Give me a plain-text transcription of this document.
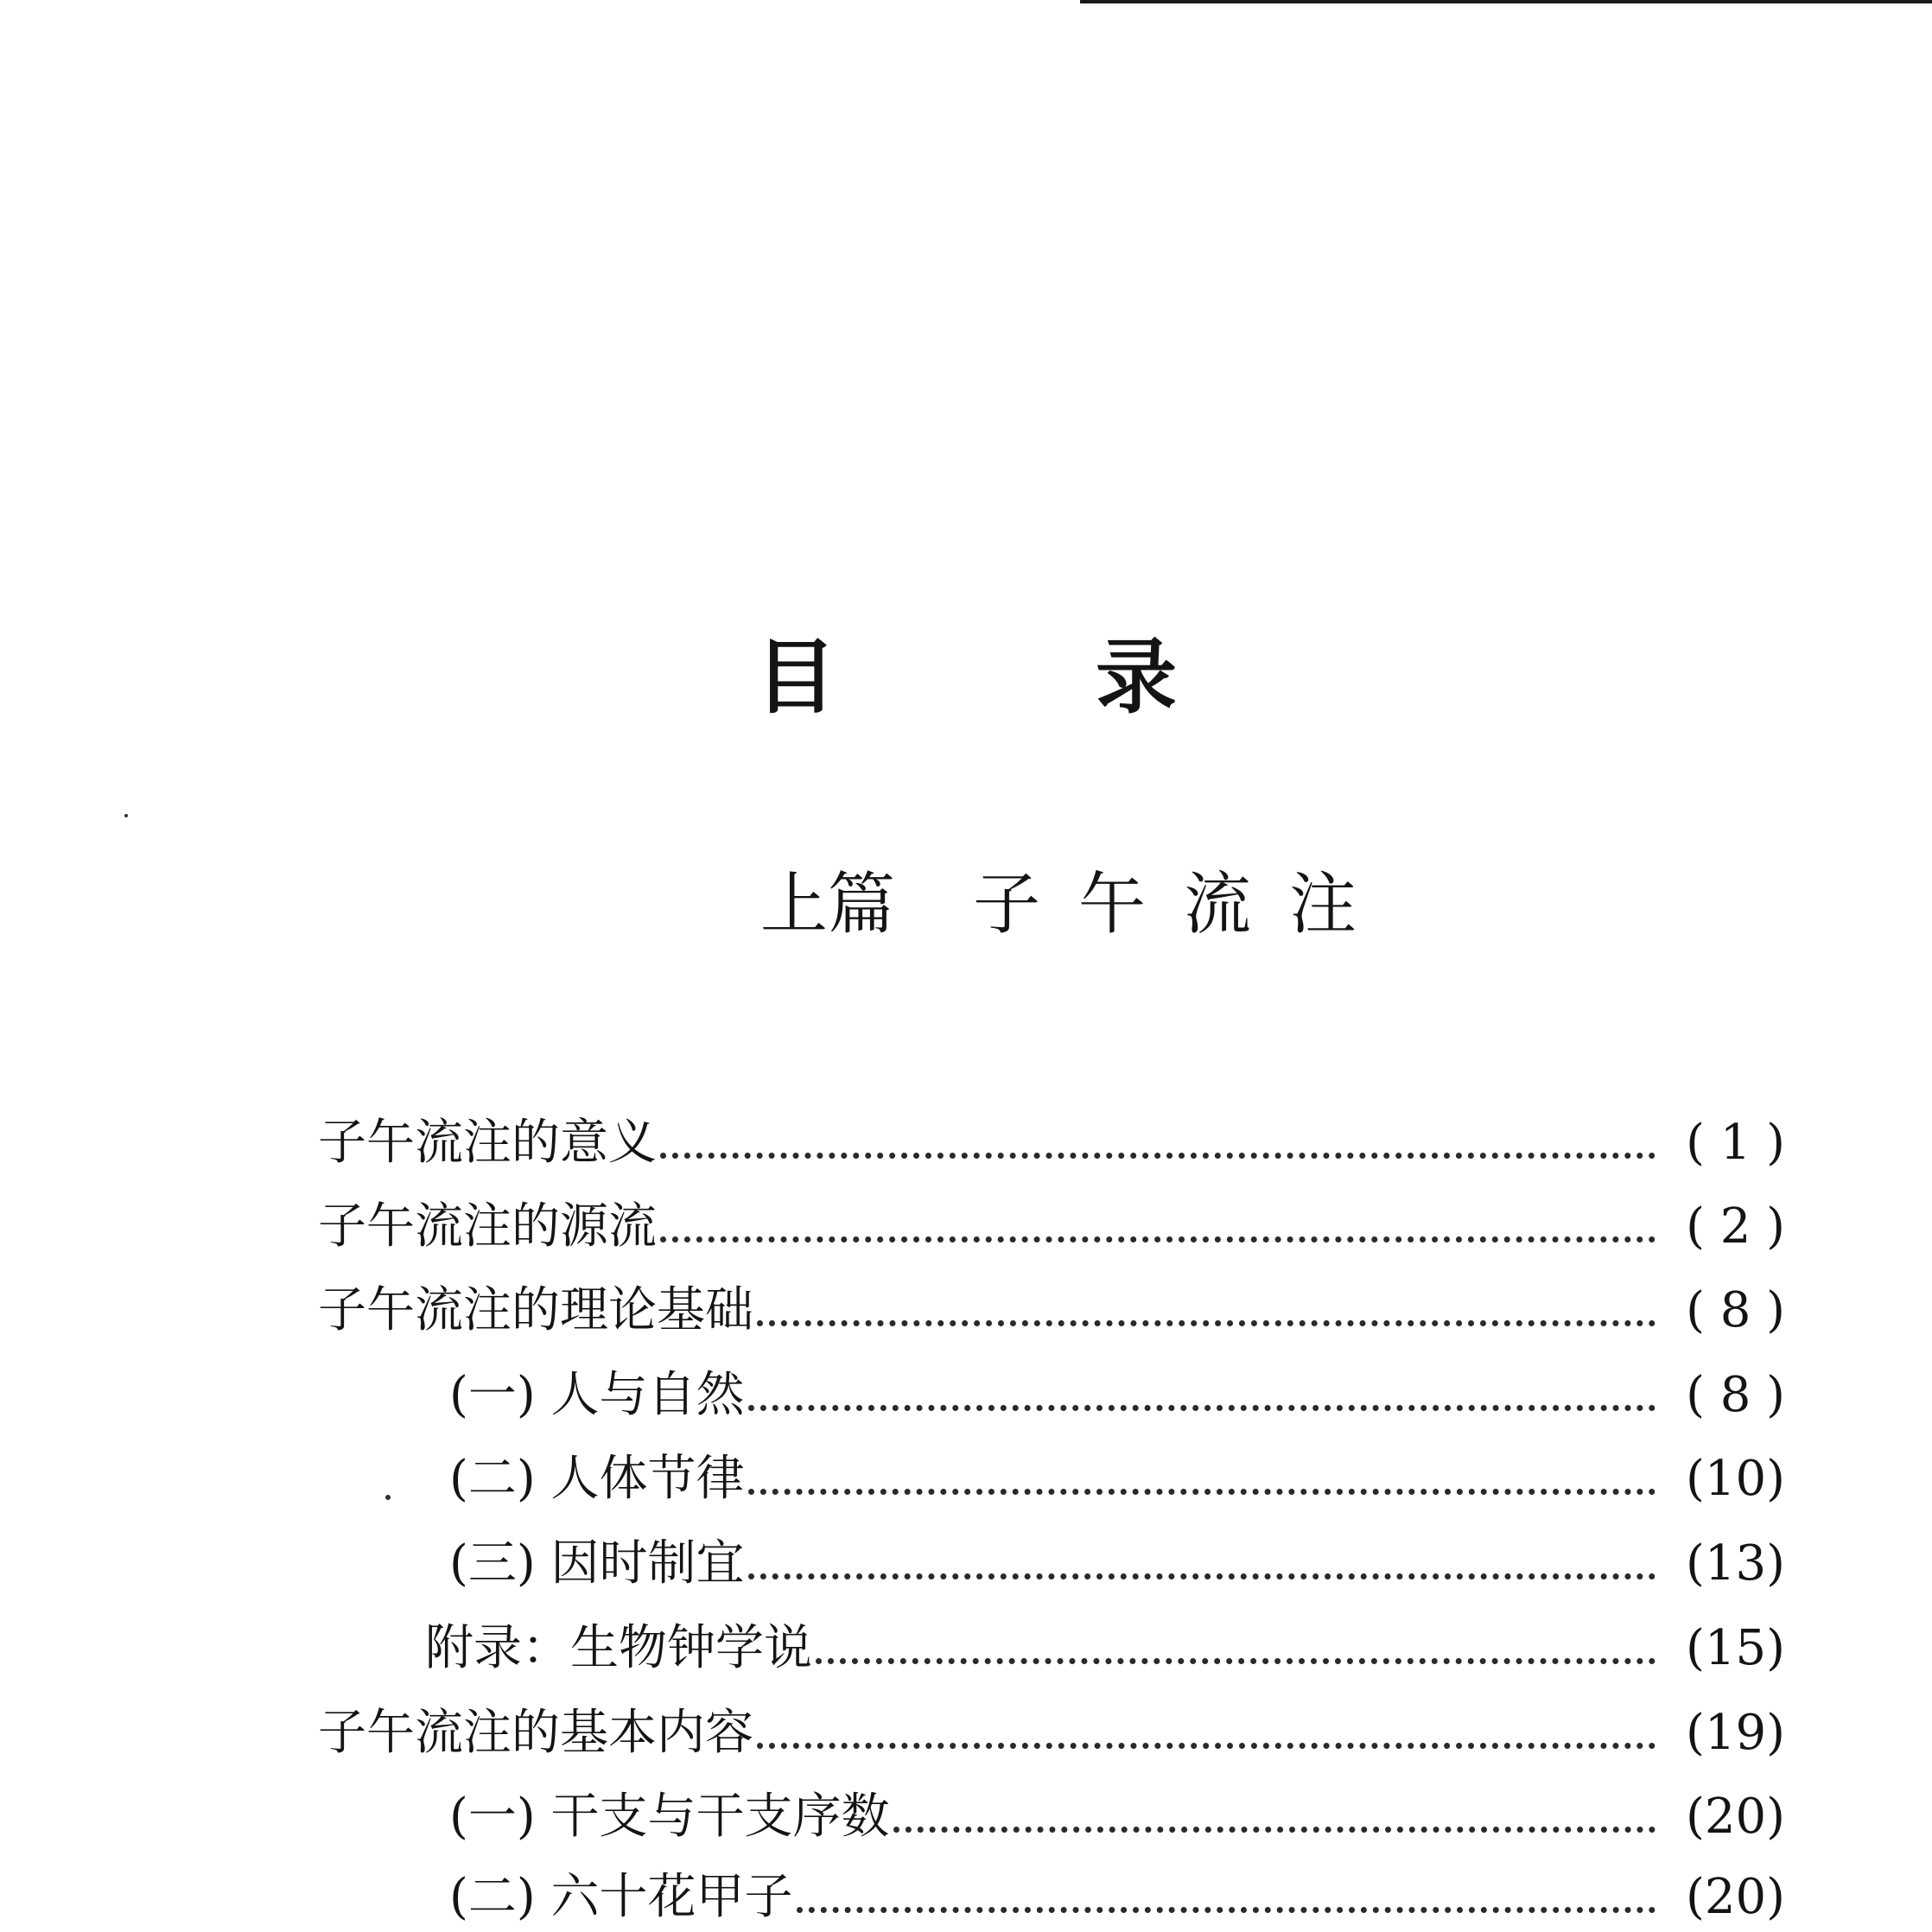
目	录
上篇 子午流注
子午流注的意义	( 1 )
子午流注的源流	( 2 )
子午流注的理论基础	( 8 )
(一) 人与自然	( 8 )
(二) 人体节律	(10)
(三) 因时制宜	(13)
附录：生物钟学说	(15)
子午流注的基本内容	(19)
(一) 干支与干支序数	(20)
(二) 六十花甲子	(20)
